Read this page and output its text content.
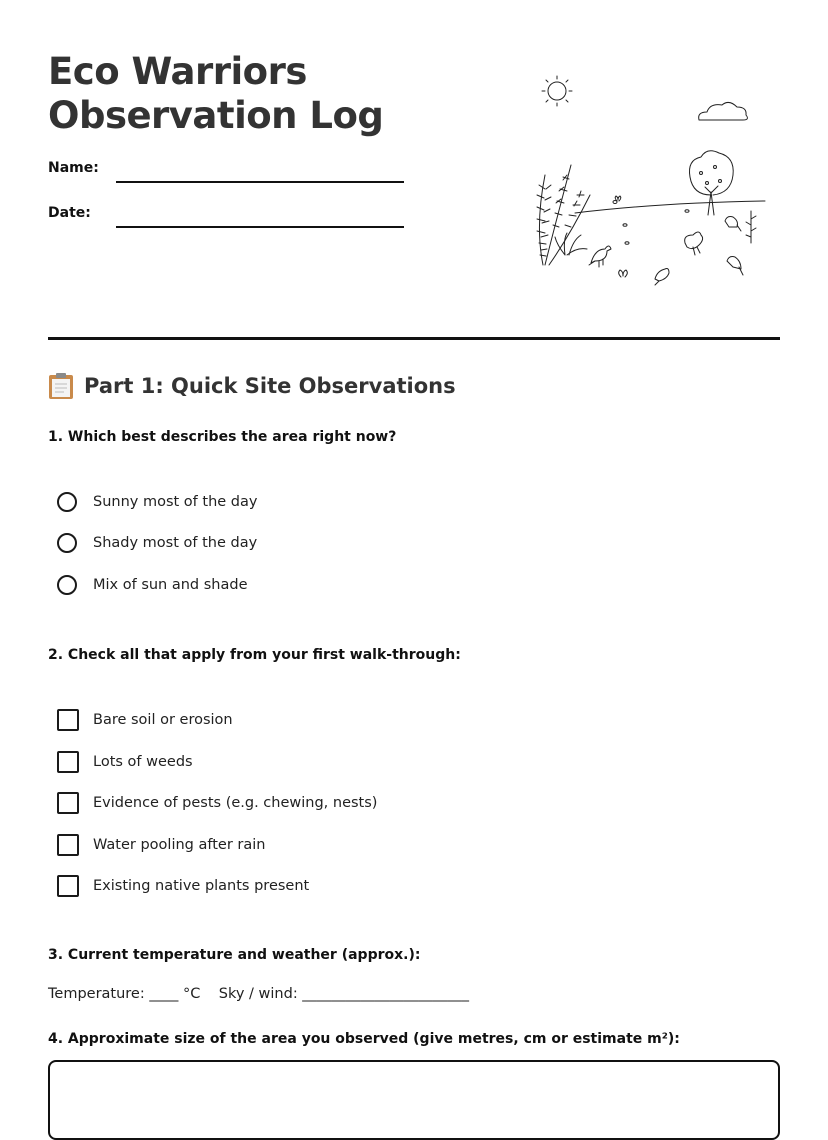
Eco Warriors
Observation Log
Name:
Date:
Part 1: Quick Site Observations
1. Which best describes the area right now?
Sunny most of the day
Shady most of the day
Mix of sun and shade
2. Check all that apply from your first walk-through:
Bare soil or erosion
Lots of weeds
Evidence of pests (e.g. chewing, nests)
Water pooling after rain
Existing native plants present
3. Current temperature and weather (approx.):
Temperature: ____ °C    Sky / wind: _______________________
4. Approximate size of the area you observed (give metres, cm or estimate m²):
